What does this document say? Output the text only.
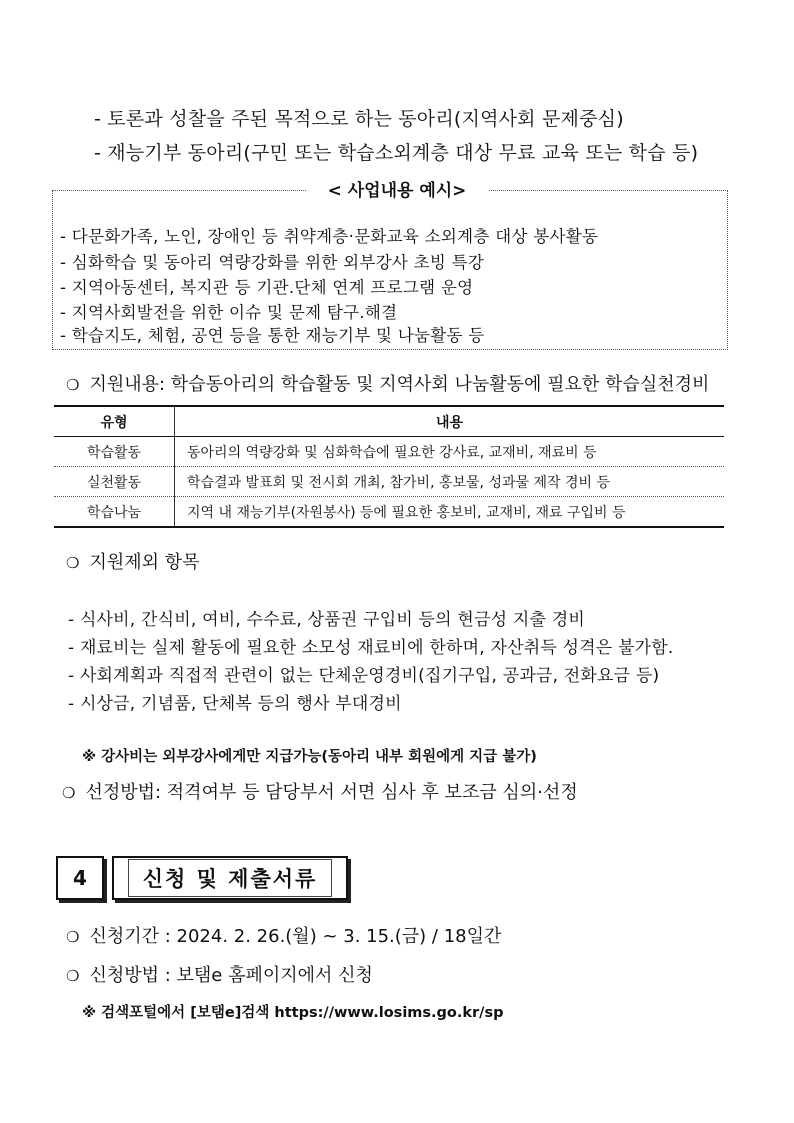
- 토론과 성찰을 주된 목적으로 하는 동아리(지역사회 문제중심)
- 재능기부 동아리(구민 또는 학습소외계층 대상 무료 교육 또는 학습 등)
< 사업내용 예시>
- 다문화가족, 노인, 장애인 등 취약계층·문화교육 소외계층 대상 봉사활동
- 심화학습 및 동아리 역량강화를 위한 외부강사 초빙 특강
- 지역아동센터, 복지관 등 기관.단체 연계 프로그램 운영
- 지역사회발전을 위한 이슈 및 문제 탐구.해결
- 학습지도, 체험, 공연 등을 통한 재능기부 및 나눔활동 등
❍ 지원내용: 학습동아리의 학습활동 및 지역사회 나눔활동에 필요한 학습실천경비
유형	내용
학습활동	동아리의 역량강화 및 심화학습에 필요한 강사료, 교재비, 재료비 등
실천활동	학습결과 발표회 및 전시회 개최, 참가비, 홍보물, 성과물 제작 경비 등
학습나눔	지역 내 재능기부(자원봉사) 등에 필요한 홍보비, 교재비, 재료 구입비 등
❍ 지원제외 항목
- 식사비, 간식비, 여비, 수수료, 상품권 구입비 등의 현금성 지출 경비
- 재료비는 실제 활동에 필요한 소모성 재료비에 한하며, 자산취득 성격은 불가함.
- 사회계획과 직접적 관련이 없는 단체운영경비(집기구입, 공과금, 전화요금 등)
- 시상금, 기념품, 단체복 등의 행사 부대경비
※ 강사비는 외부강사에게만 지급가능(동아리 내부 회원에게 지급 불가)
❍ 선정방법: 적격여부 등 담당부서 서면 심사 후 보조금 심의·선정
4	신청 및 제출서류
❍ 신청기간 : 2024. 2. 26.(월) ~ 3. 15.(금) / 18일간
❍ 신청방법 : 보탬e 홈페이지에서 신청
※ 검색포털에서 [보탬e]검색 https://www.losims.go.kr/sp
